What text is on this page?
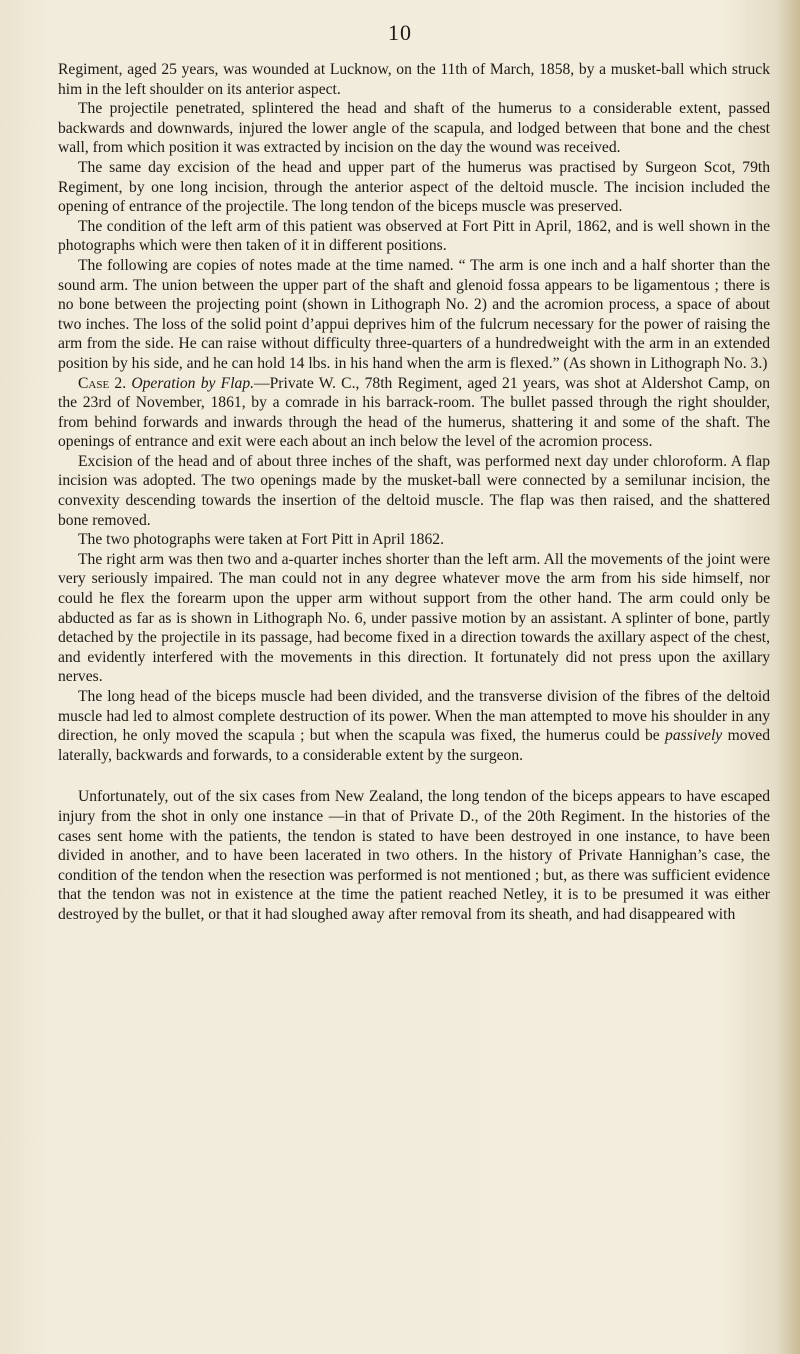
10

Regiment, aged 25 years, was wounded at Lucknow, on the 11th of March, 1858, by a musket-ball which struck him in the left shoulder on its anterior aspect.

The projectile penetrated, splintered the head and shaft of the humerus to a considerable extent, passed backwards and downwards, injured the lower angle of the scapula, and lodged between that bone and the chest wall, from which position it was extracted by incision on the day the wound was received.

The same day excision of the head and upper part of the humerus was practised by Surgeon Scot, 79th Regiment, by one long incision, through the anterior aspect of the deltoid muscle. The incision included the opening of entrance of the projectile. The long tendon of the biceps muscle was preserved.

The condition of the left arm of this patient was observed at Fort Pitt in April, 1862, and is well shown in the photographs which were then taken of it in different positions.

The following are copies of notes made at the time named. “ The arm is one inch and a half shorter than the sound arm. The union between the upper part of the shaft and glenoid fossa appears to be ligamentous ; there is no bone between the projecting point (shown in Lithograph No. 2) and the acromion process, a space of about two inches. The loss of the solid point d’appui deprives him of the fulcrum necessary for the power of raising the arm from the side. He can raise without difficulty three-quarters of a hundredweight with the arm in an extended position by his side, and he can hold 14 lbs. in his hand when the arm is flexed.” (As shown in Lithograph No. 3.)

Case 2. Operation by Flap.—Private W. C., 78th Regiment, aged 21 years, was shot at Aldershot Camp, on the 23rd of November, 1861, by a comrade in his barrack-room. The bullet passed through the right shoulder, from behind forwards and inwards through the head of the humerus, shattering it and some of the shaft. The openings of entrance and exit were each about an inch below the level of the acromion process.

Excision of the head and of about three inches of the shaft, was performed next day under chloroform. A flap incision was adopted. The two openings made by the musket-ball were connected by a semilunar incision, the convexity descending towards the insertion of the deltoid muscle. The flap was then raised, and the shattered bone removed.

The two photographs were taken at Fort Pitt in April 1862.

The right arm was then two and a-quarter inches shorter than the left arm. All the movements of the joint were very seriously impaired. The man could not in any degree whatever move the arm from his side himself, nor could he flex the forearm upon the upper arm without support from the other hand. The arm could only be abducted as far as is shown in Lithograph No. 6, under passive motion by an assistant. A splinter of bone, partly detached by the projectile in its passage, had become fixed in a direction towards the axillary aspect of the chest, and evidently interfered with the movements in this direction. It fortunately did not press upon the axillary nerves.

The long head of the biceps muscle had been divided, and the transverse division of the fibres of the deltoid muscle had led to almost complete destruction of its power. When the man attempted to move his shoulder in any direction, he only moved the scapula ; but when the scapula was fixed, the humerus could be passively moved laterally, backwards and forwards, to a considerable extent by the surgeon.

Unfortunately, out of the six cases from New Zealand, the long tendon of the biceps appears to have escaped injury from the shot in only one instance —in that of Private D., of the 20th Regiment. In the histories of the cases sent home with the patients, the tendon is stated to have been destroyed in one instance, to have been divided in another, and to have been lacerated in two others. In the history of Private Hannighan’s case, the condition of the tendon when the resection was performed is not mentioned ; but, as there was sufficient evidence that the tendon was not in existence at the time the patient reached Netley, it is to be presumed it was either destroyed by the bullet, or that it had sloughed away after removal from its sheath, and had disappeared with
